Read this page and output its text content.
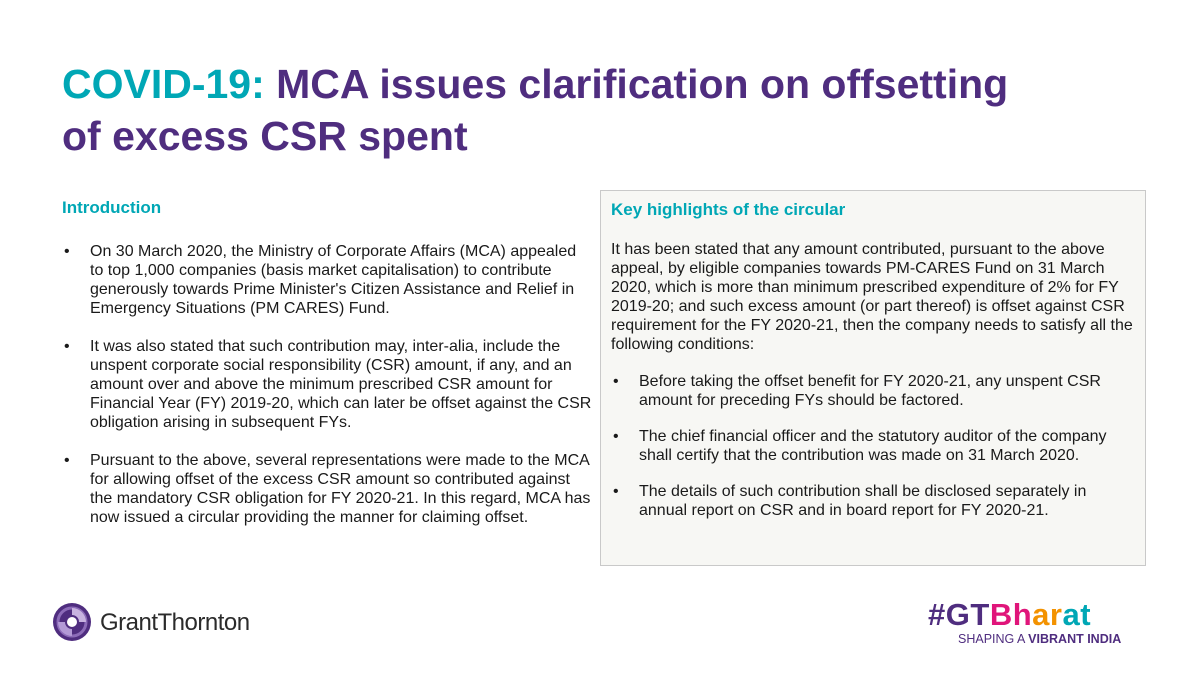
COVID-19: MCA issues clarification on offsetting
of excess CSR spent
Introduction
• On 30 March 2020, the Ministry of Corporate Affairs (MCA) appealed to top 1,000 companies (basis market capitalisation) to contribute generously towards Prime Minister's Citizen Assistance and Relief in Emergency Situations (PM CARES) Fund.
• It was also stated that such contribution may, inter-alia, include the unspent corporate social responsibility (CSR) amount, if any, and an amount over and above the minimum prescribed CSR amount for Financial Year (FY) 2019-20, which can later be offset against the CSR obligation arising in subsequent FYs.
• Pursuant to the above, several representations were made to the MCA for allowing offset of the excess CSR amount so contributed against the mandatory CSR obligation for FY 2020-21. In this regard, MCA has now issued a circular providing the manner for claiming offset.
Key highlights of the circular

It has been stated that any amount contributed, pursuant to the above appeal, by eligible companies towards PM-CARES Fund on 31 March 2020, which is more than minimum prescribed expenditure of 2% for FY 2019-20; and such excess amount (or part thereof) is offset against CSR requirement for the FY 2020-21, then the company needs to satisfy all the following conditions:

• Before taking the offset benefit for FY 2020-21, any unspent CSR amount for preceding FYs should be factored.
• The chief financial officer and the statutory auditor of the company shall certify that the contribution was made on 31 March 2020.
• The details of such contribution shall be disclosed separately in annual report on CSR and in board report for FY 2020-21.
GrantThornton	#GTBharat
SHAPING A VIBRANT INDIA
